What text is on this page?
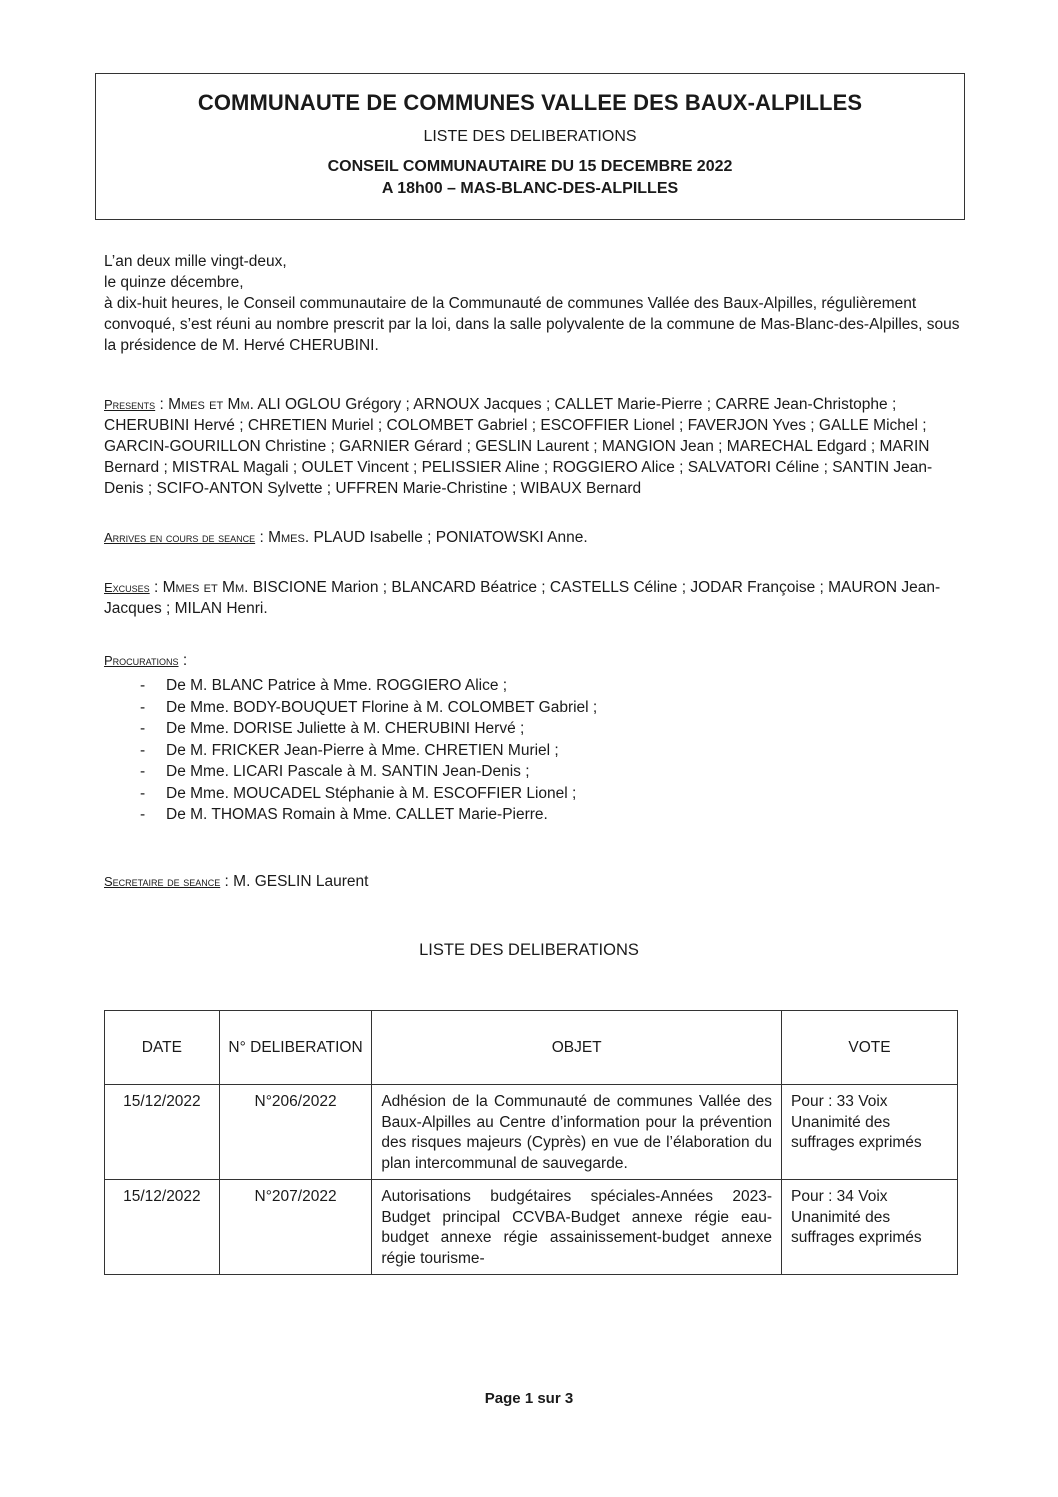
COMMUNAUTE DE COMMUNES VALLEE DES BAUX-ALPILLES
LISTE DES DELIBERATIONS
CONSEIL COMMUNAUTAIRE DU 15 DECEMBRE 2022
A 18h00 – MAS-BLANC-DES-ALPILLES
L’an deux mille vingt-deux,
le quinze décembre,
à dix-huit heures, le Conseil communautaire de la Communauté de communes Vallée des Baux-Alpilles, régulièrement convoqué, s’est réuni au nombre prescrit par la loi, dans la salle polyvalente de la commune de Mas-Blanc-des-Alpilles, sous la présidence de M. Hervé CHERUBINI.
Presents : Mmes et Mm. ALI OGLOU Grégory ; ARNOUX Jacques ; CALLET Marie-Pierre ; CARRE Jean-Christophe ; CHERUBINI Hervé ; CHRETIEN Muriel ; COLOMBET Gabriel ; ESCOFFIER Lionel ; FAVERJON Yves ; GALLE Michel ; GARCIN-GOURILLON Christine ; GARNIER Gérard ; GESLIN Laurent ; MANGION Jean ; MARECHAL Edgard ; MARIN Bernard ; MISTRAL Magali ; OULET Vincent ; PELISSIER Aline ; ROGGIERO Alice ; SALVATORI Céline ; SANTIN Jean-Denis ; SCIFO-ANTON Sylvette ; UFFREN Marie-Christine ; WIBAUX Bernard
Arrives en cours de seance : Mmes. PLAUD Isabelle ; PONIATOWSKI Anne.
Excuses : Mmes et Mm. BISCIONE Marion ; BLANCARD Béatrice ; CASTELLS Céline ; JODAR Françoise ; MAURON Jean-Jacques ; MILAN Henri.
Procurations :
- De M. BLANC Patrice à Mme. ROGGIERO Alice ;
- De Mme. BODY-BOUQUET Florine à M. COLOMBET Gabriel ;
- De Mme. DORISE Juliette à M. CHERUBINI Hervé ;
- De M. FRICKER Jean-Pierre à Mme. CHRETIEN Muriel ;
- De Mme. LICARI Pascale à M. SANTIN Jean-Denis ;
- De Mme. MOUCADEL Stéphanie à M. ESCOFFIER Lionel ;
- De M. THOMAS Romain à Mme. CALLET Marie-Pierre.
Secretaire de seance : M. GESLIN Laurent
LISTE DES DELIBERATIONS
DATE	N° DELIBERATION	OBJET	VOTE
15/12/2022	N°206/2022	Adhésion de la Communauté de communes Vallée des Baux-Alpilles au Centre d’information pour la prévention des risques majeurs (Cyprès) en vue de l’élaboration du plan intercommunal de sauvegarde.	Pour : 33 Voix
Unanimité des suffrages exprimés

15/12/2022	N°207/2022	Autorisations budgétaires spéciales-Années 2023-Budget principal CCVBA-Budget annexe régie eau-budget annexe régie assainissement-budget annexe régie tourisme-	Pour : 34 Voix
Unanimité des suffrages exprimés
Page 1 sur 3
